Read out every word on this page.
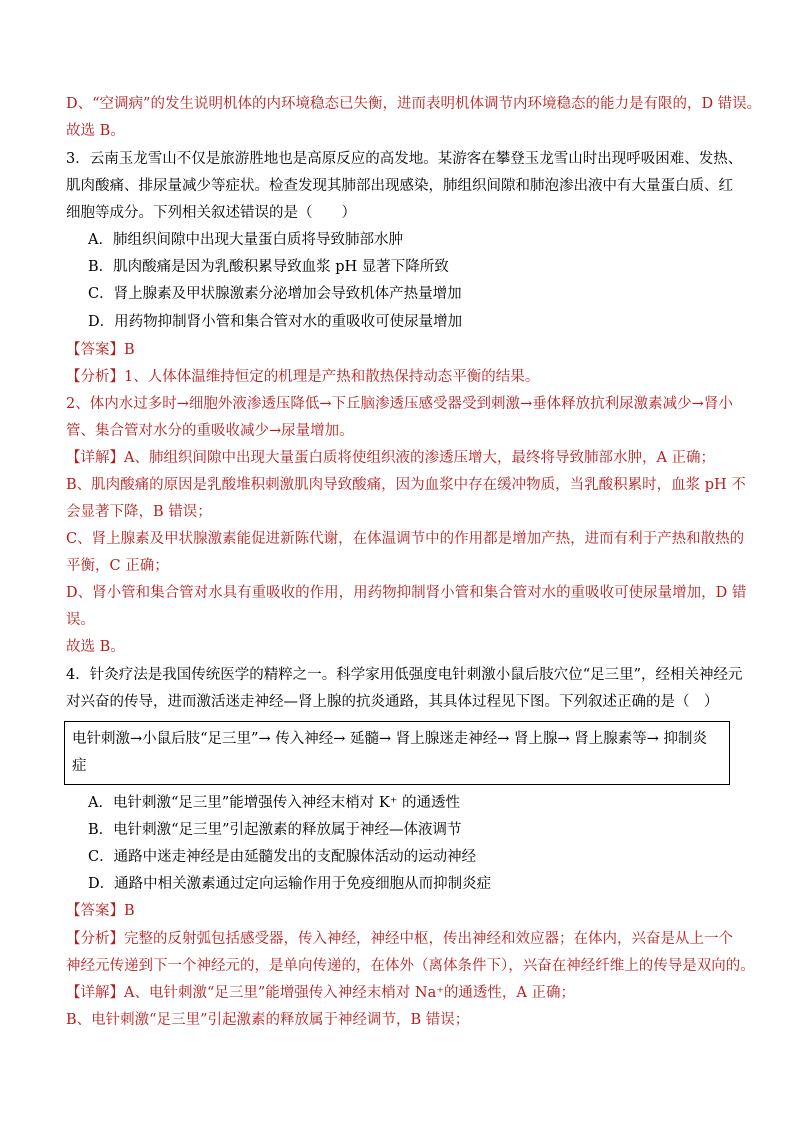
D、“空调病”的发生说明机体的内环境稳态已失衡，进而表明机体调节内环境稳态的能力是有限的，D 错误。
故选 B。
3．云南玉龙雪山不仅是旅游胜地也是高原反应的高发地。某游客在攀登玉龙雪山时出现呼吸困难、发热、
肌肉酸痛、排尿量减少等症状。检查发现其肺部出现感染，肺组织间隙和肺泡渗出液中有大量蛋白质、红
细胞等成分。下列相关叙述错误的是（　　）
A．肺组织间隙中出现大量蛋白质将导致肺部水肿
B．肌肉酸痛是因为乳酸积累导致血浆 pH 显著下降所致
C．肾上腺素及甲状腺激素分泌增加会导致机体产热量增加
D．用药物抑制肾小管和集合管对水的重吸收可使尿量增加
【答案】B
【分析】1、人体体温维持恒定的机理是产热和散热保持动态平衡的结果。
2、体内水过多时→细胞外液渗透压降低→下丘脑渗透压感受器受到刺激→垂体释放抗利尿激素减少→肾小
管、集合管对水分的重吸收减少→尿量增加。
【详解】A、肺组织间隙中出现大量蛋白质将使组织液的渗透压增大，最终将导致肺部水肿，A 正确；
B、肌肉酸痛的原因是乳酸堆积刺激肌肉导致酸痛，因为血浆中存在缓冲物质，当乳酸积累时，血浆 pH 不
会显著下降，B 错误；
C、肾上腺素及甲状腺激素能促进新陈代谢，在体温调节中的作用都是增加产热，进而有利于产热和散热的
平衡，C 正确；
D、肾小管和集合管对水具有重吸收的作用，用药物抑制肾小管和集合管对水的重吸收可使尿量增加，D 错
误。
故选 B。
4．针灸疗法是我国传统医学的精粹之一。科学家用低强度电针刺激小鼠后肢穴位“足三里”，经相关神经元
对兴奋的传导，进而激活迷走神经—肾上腺的抗炎通路，其具体过程见下图。下列叙述正确的是（　）
电针刺激→小鼠后肢“足三里”→ 传入神经→ 延髓→ 肾上腺迷走神经→ 肾上腺→ 肾上腺素等→ 抑制炎
症
A．电针刺激“足三里”能增强传入神经末梢对 K⁺ 的通透性
B．电针刺激“足三里”引起激素的释放属于神经—体液调节
C．通路中迷走神经是由延髓发出的支配腺体活动的运动神经
D．通路中相关激素通过定向运输作用于免疫细胞从而抑制炎症
【答案】B
【分析】完整的反射弧包括感受器，传入神经，神经中枢，传出神经和效应器；在体内，兴奋是从上一个
神经元传递到下一个神经元的，是单向传递的，在体外（离体条件下），兴奋在神经纤维上的传导是双向的。
【详解】A、电针刺激“足三里”能增强传入神经末梢对 Na⁺的通透性，A 正确；
B、电针刺激“足三里”引起激素的释放属于神经调节，B 错误；
